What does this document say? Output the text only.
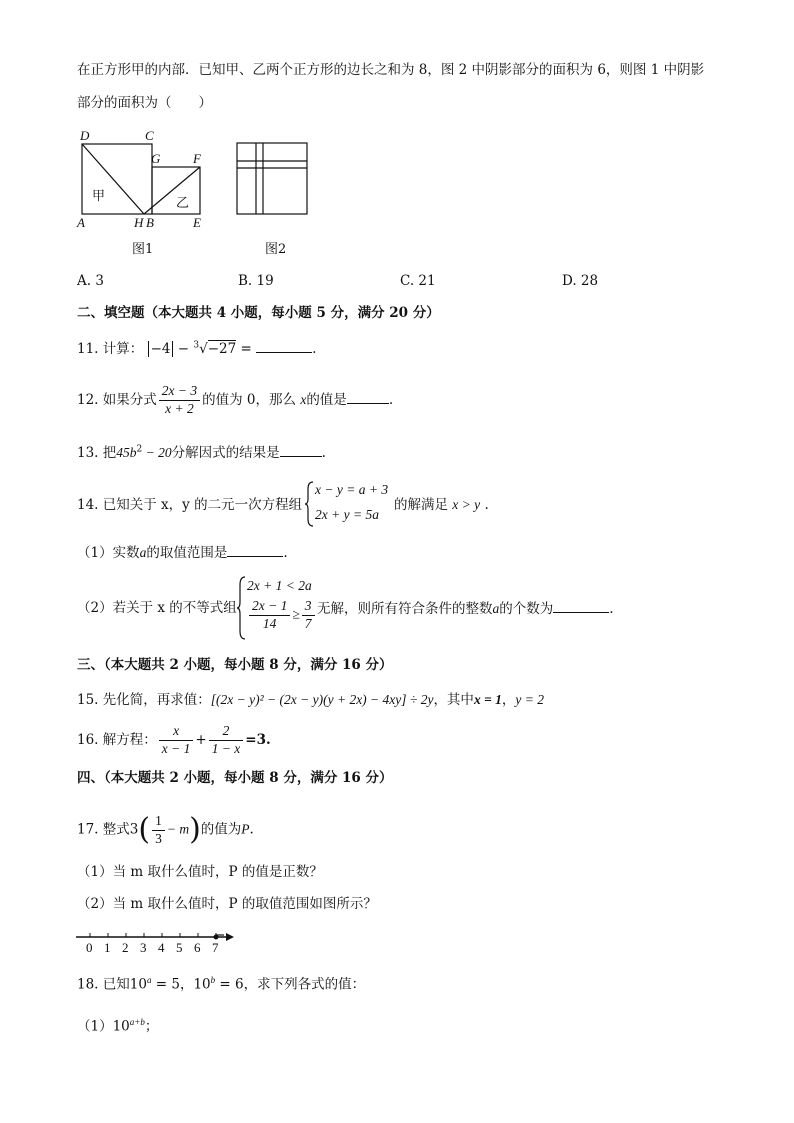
在正方形甲的内部．已知甲、乙两个正方形的边长之和为 8，图 2 中阴影部分的面积为 6，则图 1 中阴影
部分的面积为（　　）
D	C
G	F
A	H B	E
甲	乙
图1	图2
A. 3	B. 19	C. 21	D. 28
二、填空题（本大题共 4 小题，每小题 5 分，满分 20 分）
11. 计算： −4 − $^3$√−27 =	.
12. 如果分式 $\frac{2x - 3}{x + 2}$ 的值为 0，那么 x的值是	.
13. 把$45b^2 - 20$分解因式的结果是	.
14. 已知关于 x，y 的二元一次方程组
x − y = a + 3
2x + y = 5a
的解满足 x > y .
（1）实数a的取值范围是	.
（2）若关于 x 的不等式组
2x + 1 < 2a
$\frac{2x - 1}{14} \ge \frac{3}{7}$ 无解，则所有符合条件的整数a的个数为	.
三、（本大题共 2 小题，每小题 8 分，满分 16 分）
15. 先化简，再求值：[(2x − y)² − (2x − y)(y + 2x) − 4xy] ÷ 2y，其中x = 1，y = 2
16. 解方程： $\frac{x}{x - 1} + \frac{2}{1 - x} =3$.
四、（本大题共 2 小题，每小题 8 分，满分 16 分）
17. 整式$3( \frac{1}{3} - m)$的值为P.
（1）当 m 取什么值时，P 的值是正数？
（2）当 m 取什么值时，P 的取值范围如图所示？
0 1 2 3 4 5 6 7
18. 已知$10^a = 5$，$10^b = 6$，求下列各式的值：
$(1)10^{a+b}$；
